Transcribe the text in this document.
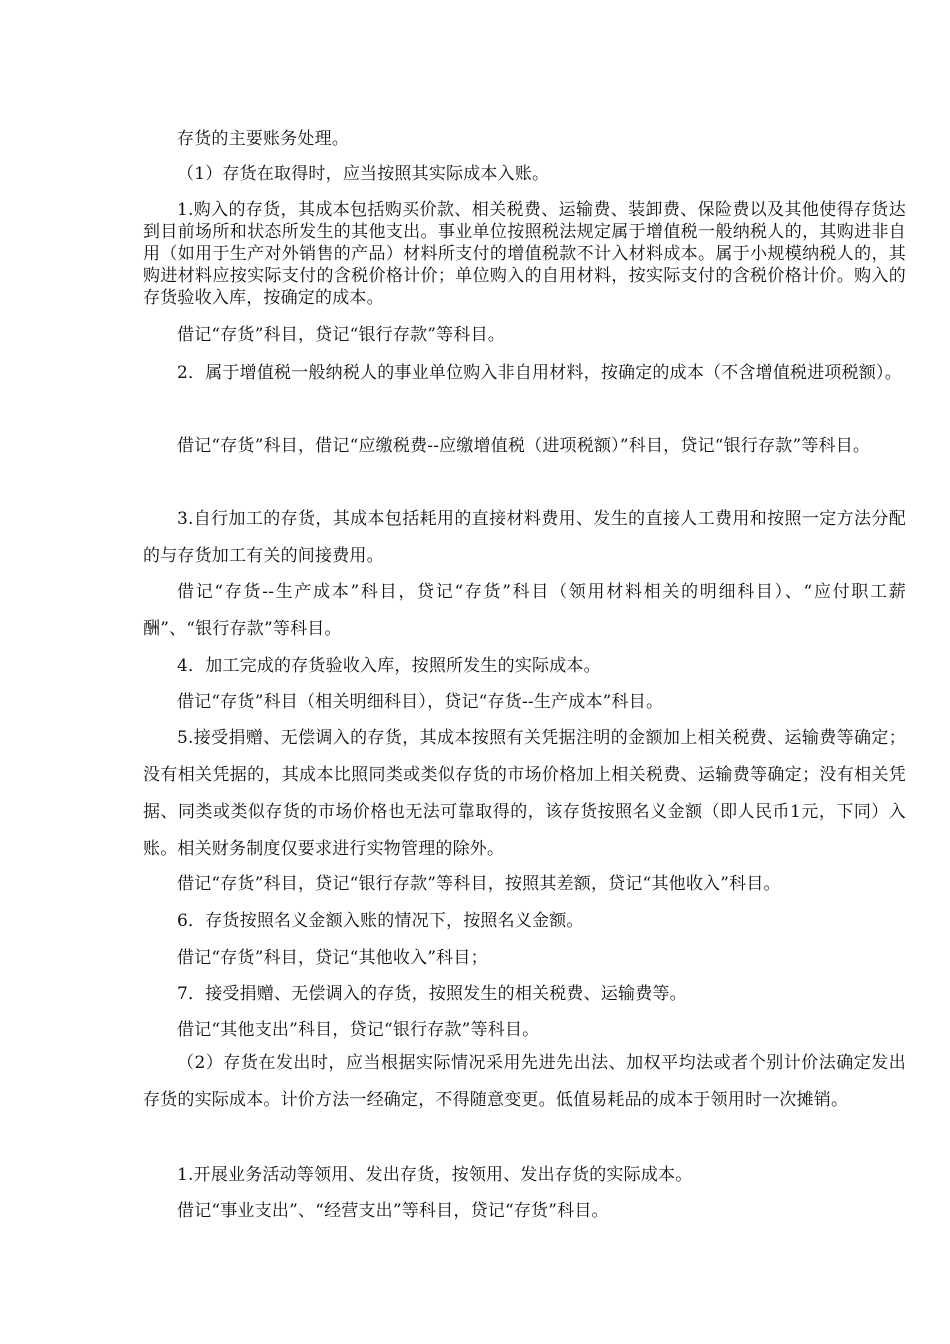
存货的主要账务处理。

（1）存货在取得时，应当按照其实际成本入账。

1.购入的存货，其成本包括购买价款、相关税费、运输费、装卸费、保险费以及其他使得存货达到目前场所和状态所发生的其他支出。事业单位按照税法规定属于增值税一般纳税人的，其购进非自用（如用于生产对外销售的产品）材料所支付的增值税款不计入材料成本。属于小规模纳税人的，其购进材料应按实际支付的含税价格计价；单位购入的自用材料，按实际支付的含税价格计价。购入的存货验收入库，按确定的成本。

借记“存货”科目，贷记“银行存款”等科目。

2．属于增值税一般纳税人的事业单位购入非自用材料，按确定的成本（不含增值税进项税额）。

借记“存货”科目，借记“应缴税费--应缴增值税（进项税额）”科目，贷记“银行存款”等科目。

3.自行加工的存货，其成本包括耗用的直接材料费用、发生的直接人工费用和按照一定方法分配的与存货加工有关的间接费用。

借记“存货--生产成本”科目，贷记“存货”科目（领用材料相关的明细科目）、“应付职工薪酬”、“银行存款”等科目。

4．加工完成的存货验收入库，按照所发生的实际成本。

借记“存货”科目（相关明细科目），贷记“存货--生产成本”科目。

5.接受捐赠、无偿调入的存货，其成本按照有关凭据注明的金额加上相关税费、运输费等确定；没有相关凭据的，其成本比照同类或类似存货的市场价格加上相关税费、运输费等确定；没有相关凭据、同类或类似存货的市场价格也无法可靠取得的，该存货按照名义金额（即人民币1元，下同）入账。相关财务制度仅要求进行实物管理的除外。

借记“存货”科目，贷记“银行存款”等科目，按照其差额，贷记“其他收入”科目。

6．存货按照名义金额入账的情况下，按照名义金额。

借记“存货”科目，贷记“其他收入”科目；

7．接受捐赠、无偿调入的存货，按照发生的相关税费、运输费等。

借记“其他支出”科目，贷记“银行存款”等科目。

（2）存货在发出时，应当根据实际情况采用先进先出法、加权平均法或者个别计价法确定发出存货的实际成本。计价方法一经确定，不得随意变更。低值易耗品的成本于领用时一次摊销。

1.开展业务活动等领用、发出存货，按领用、发出存货的实际成本。

借记“事业支出”、“经营支出”等科目，贷记“存货”科目。
